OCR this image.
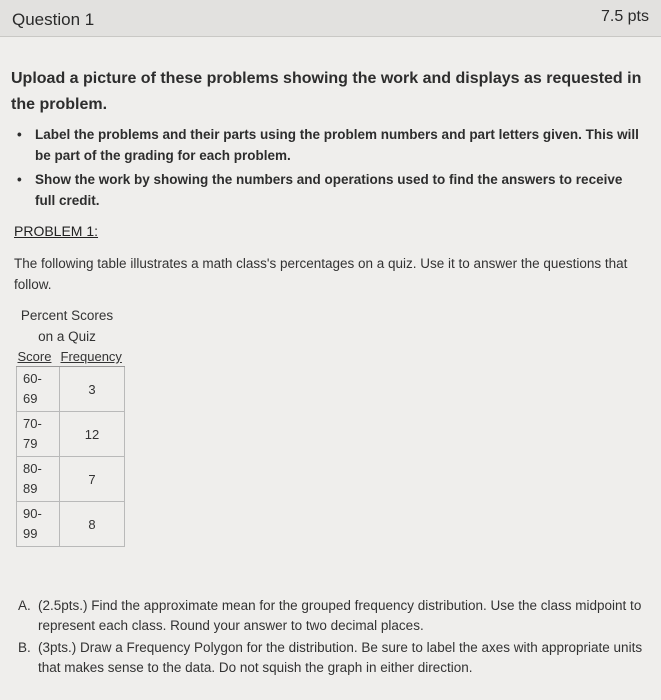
Question 1	7.5 pts
Upload a picture of these problems showing the work and displays as requested in the problem.
• Label the problems and their parts using the problem numbers and part letters given. This will be part of the grading for each problem.
• Show the work by showing the numbers and operations used to find the answers to receive full credit.
PROBLEM 1:
The following table illustrates a math class's percentages on a quiz. Use it to answer the questions that follow.
Percent Scores
on a Quiz
Score	Frequency

60-
69	3

70-
79	12

80-
89	7

90-
99	8
A. (2.5pts.) Find the approximate mean for the grouped frequency distribution. Use the class midpoint to represent each class. Round your answer to two decimal places.
B. (3pts.) Draw a Frequency Polygon for the distribution. Be sure to label the axes with appropriate units that makes sense to the data. Do not squish the graph in either direction.
